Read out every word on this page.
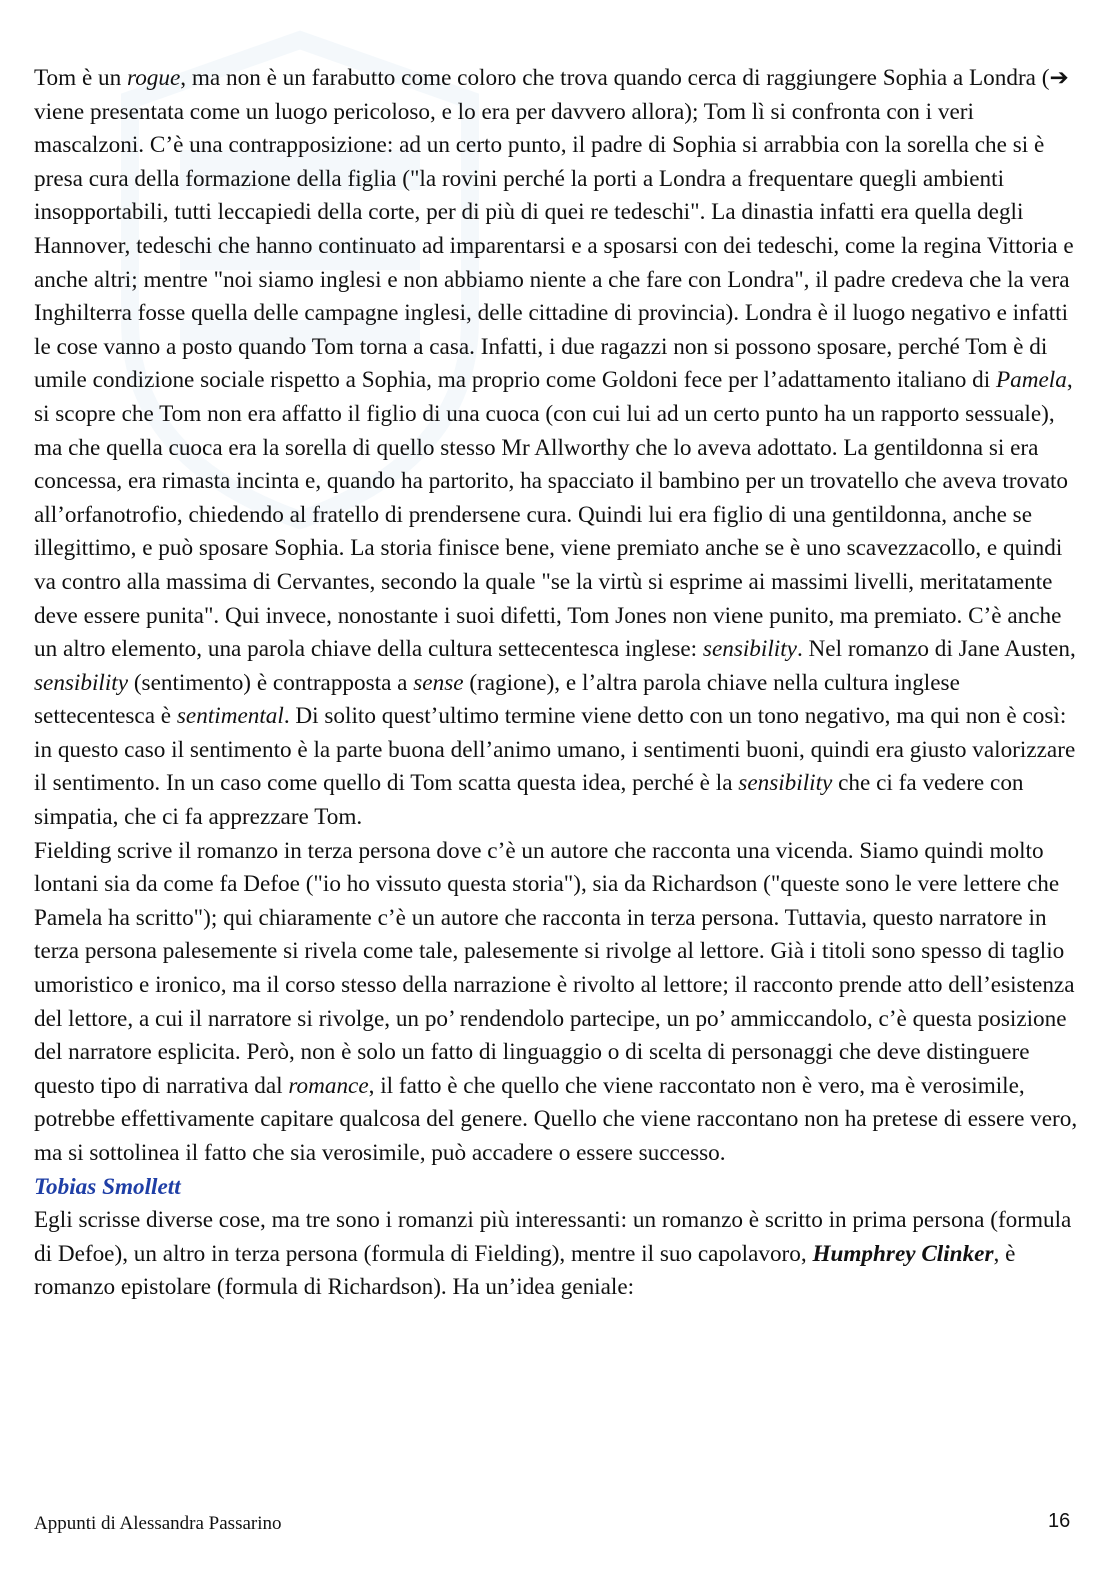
Tom è un rogue, ma non è un farabutto come coloro che trova quando cerca di raggiungere Sophia a Londra (➔ viene presentata come un luogo pericoloso, e lo era per davvero allora); Tom lì si confronta con i veri mascalzoni. C’è una contrapposizione: ad un certo punto, il padre di Sophia si arrabbia con la sorella che si è presa cura della formazione della figlia ("la rovini perché la porti a Londra a frequentare quegli ambienti insopportabili, tutti leccapiedi della corte, per di più di quei re tedeschi". La dinastia infatti era quella degli Hannover, tedeschi che hanno continuato ad imparentarsi e a sposarsi con dei tedeschi, come la regina Vittoria e anche altri; mentre "noi siamo inglesi e non abbiamo niente a che fare con Londra", il padre credeva che la vera Inghilterra fosse quella delle campagne inglesi, delle cittadine di provincia). Londra è il luogo negativo e infatti le cose vanno a posto quando Tom torna a casa. Infatti, i due ragazzi non si possono sposare, perché Tom è di umile condizione sociale rispetto a Sophia, ma proprio come Goldoni fece per l’adattamento italiano di Pamela, si scopre che Tom non era affatto il figlio di una cuoca (con cui lui ad un certo punto ha un rapporto sessuale), ma che quella cuoca era la sorella di quello stesso Mr Allworthy che lo aveva adottato. La gentildonna si era concessa, era rimasta incinta e, quando ha partorito, ha spacciato il bambino per un trovatello che aveva trovato all’orfanotrofio, chiedendo al fratello di prendersene cura. Quindi lui era figlio di una gentildonna, anche se illegittimo, e può sposare Sophia. La storia finisce bene, viene premiato anche se è uno scavezzacollo, e quindi va contro alla massima di Cervantes, secondo la quale "se la virtù si esprime ai massimi livelli, meritatamente deve essere punita". Qui invece, nonostante i suoi difetti, Tom Jones non viene punito, ma premiato. C’è anche un altro elemento, una parola chiave della cultura settecentesca inglese: sensibility. Nel romanzo di Jane Austen, sensibility (sentimento) è contrapposta a sense (ragione), e l’altra parola chiave nella cultura inglese settecentesca è sentimental. Di solito quest’ultimo termine viene detto con un tono negativo, ma qui non è così: in questo caso il sentimento è la parte buona dell’animo umano, i sentimenti buoni, quindi era giusto valorizzare il sentimento. In un caso come quello di Tom scatta questa idea, perché è la sensibility che ci fa vedere con simpatia, che ci fa apprezzare Tom.

Fielding scrive il romanzo in terza persona dove c’è un autore che racconta una vicenda. Siamo quindi molto lontani sia da come fa Defoe ("io ho vissuto questa storia"), sia da Richardson ("queste sono le vere lettere che Pamela ha scritto"); qui chiaramente c’è un autore che racconta in terza persona. Tuttavia, questo narratore in terza persona palesemente si rivela come tale, palesemente si rivolge al lettore. Già i titoli sono spesso di taglio umoristico e ironico, ma il corso stesso della narrazione è rivolto al lettore; il racconto prende atto dell’esistenza del lettore, a cui il narratore si rivolge, un po’ rendendolo partecipe, un po’ ammiccandolo, c’è questa posizione del narratore esplicita. Però, non è solo un fatto di linguaggio o di scelta di personaggi che deve distinguere questo tipo di narrativa dal romance, il fatto è che quello che viene raccontato non è vero, ma è verosimile, potrebbe effettivamente capitare qualcosa del genere. Quello che viene raccontano non ha pretese di essere vero, ma si sottolinea il fatto che sia verosimile, può accadere o essere successo.

Tobias Smollett

Egli scrisse diverse cose, ma tre sono i romanzi più interessanti: un romanzo è scritto in prima persona (formula di Defoe), un altro in terza persona (formula di Fielding), mentre il suo capolavoro, Humphrey Clinker, è romanzo epistolare (formula di Richardson). Ha un’idea geniale:

Appunti di Alessandra Passarino	16
